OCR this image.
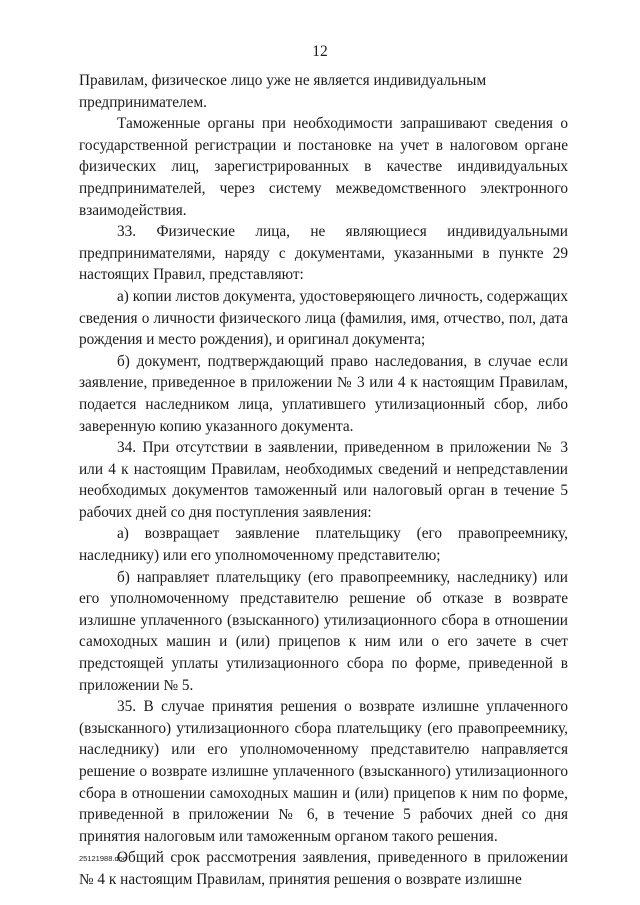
12

Правилам, физическое лицо уже не является индивидуальным
предпринимателем.

Таможенные органы при необходимости запрашивают сведения о государственной регистрации и постановке на учет в налоговом органе физических лиц, зарегистрированных в качестве индивидуальных предпринимателей, через систему межведомственного электронного взаимодействия.

33. Физические лица, не являющиеся индивидуальными предпринимателями, наряду с документами, указанными в пункте 29 настоящих Правил, представляют:

а) копии листов документа, удостоверяющего личность, содержащих сведения о личности физического лица (фамилия, имя, отчество, пол, дата рождения и место рождения), и оригинал документа;

б) документ, подтверждающий право наследования, в случае если заявление, приведенное в приложении № 3 или 4 к настоящим Правилам, подается наследником лица, уплатившего утилизационный сбор, либо заверенную копию указанного документа.

34. При отсутствии в заявлении, приведенном в приложении № 3 или 4 к настоящим Правилам, необходимых сведений и непредставлении необходимых документов таможенный или налоговый орган в течение 5 рабочих дней со дня поступления заявления:

а) возвращает заявление плательщику (его правопреемнику, наследнику) или его уполномоченному представителю;

б) направляет плательщику (его правопреемнику, наследнику) или его уполномоченному представителю решение об отказе в возврате излишне уплаченного (взысканного) утилизационного сбора в отношении самоходных машин и (или) прицепов к ним или о его зачете в счет предстоящей уплаты утилизационного сбора по форме, приведенной в приложении № 5.

35. В случае принятия решения о возврате излишне уплаченного (взысканного) утилизационного сбора плательщику (его правопреемнику, наследнику) или его уполномоченному представителю направляется решение о возврате излишне уплаченного (взысканного) утилизационного сбора в отношении самоходных машин и (или) прицепов к ним по форме, приведенной в приложении № 6, в течение 5 рабочих дней со дня принятия налоговым или таможенным органом такого решения.

Общий срок рассмотрения заявления, приведенного в приложении № 4 к настоящим Правилам, принятия решения о возврате излишне

25121988.doc
